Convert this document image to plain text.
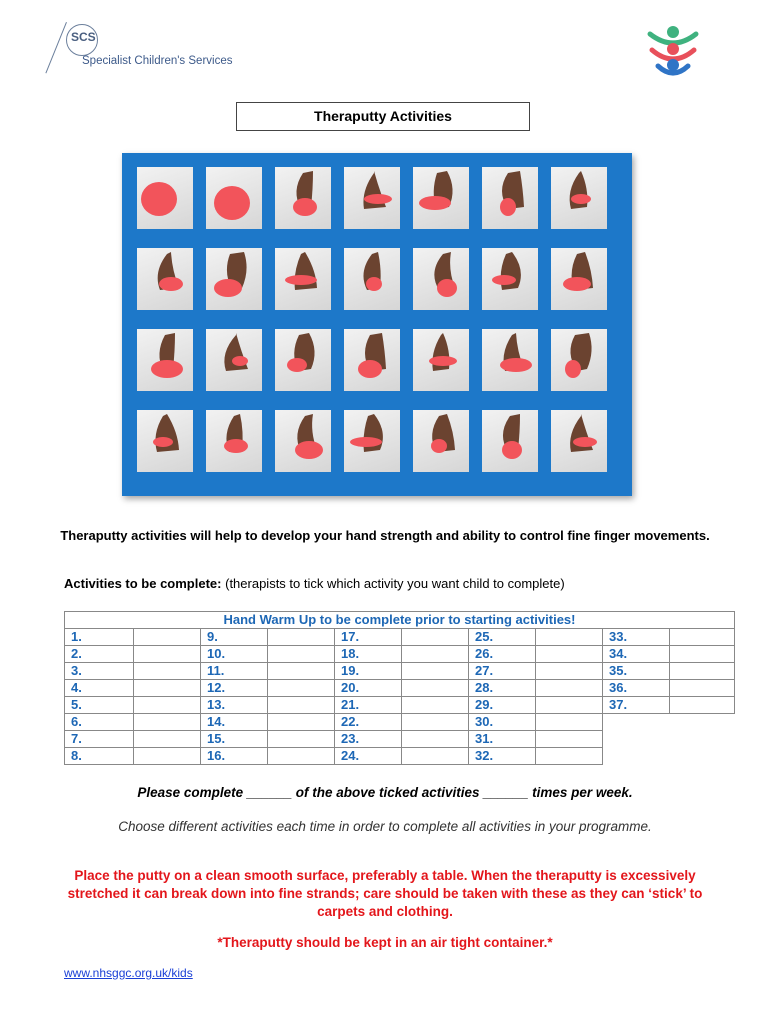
SCS
Specialist Children's Services
Theraputty Activities
Theraputty activities will help to develop your hand strength and ability to control fine finger movements.
Activities to be complete: (therapists to tick which activity you want child to complete)
Hand Warm Up to be complete prior to starting activities!									
1.		9.		17.		25.		33.	
2.		10.		18.		26.		34.	
3.		11.		19.		27.		35.	
4.		12.		20.		28.		36.	
5.		13.		21.		29.		37.	
6.		14.		22.		30.			
7.		15.		23.		31.			
8.		16.		24.		32.			
Please complete ______ of the above ticked activities ______ times per week.
Choose different activities each time in order to complete all activities in your programme.
Place the putty on a clean smooth surface, preferably a table. When the theraputty is excessively stretched it can break down into fine strands; care should be taken with these as they can ‘stick’ to carpets and clothing.
*Theraputty should be kept in an air tight container.*
www.nhsggc.org.uk/kids
